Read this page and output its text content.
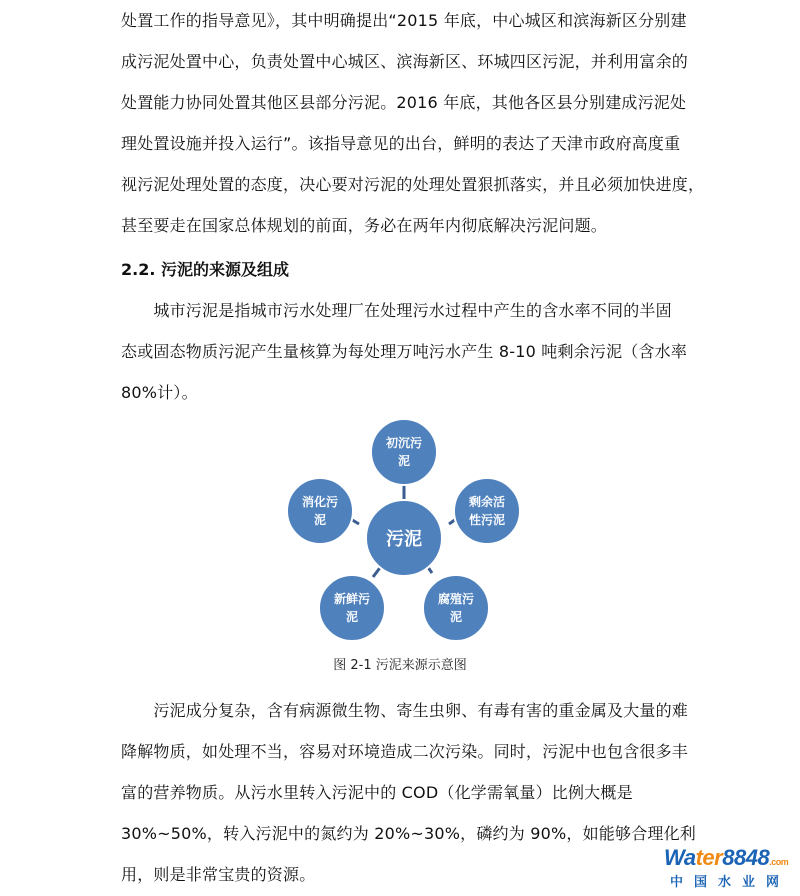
处置工作的指导意见》，其中明确提出“2015 年底，中心城区和滨海新区分别建
成污泥处置中心，负责处置中心城区、滨海新区、环城四区污泥，并利用富余的
处置能力协同处置其他区县部分污泥。2016 年底，其他各区县分别建成污泥处
理处置设施并投入运行”。该指导意见的出台，鲜明的表达了天津市政府高度重
视污泥处理处置的态度，决心要对污泥的处理处置狠抓落实，并且必须加快进度，
甚至要走在国家总体规划的前面，务必在两年内彻底解决污泥问题。
2.2. 污泥的来源及组成
　　城市污泥是指城市污水处理厂在处理污水过程中产生的含水率不同的半固
态或固态物质污泥产生量核算为每处理万吨污水产生 8-10 吨剩余污泥（含水率
80%计）。
初沉污
泥
剩余活
性污泥
腐殖污
泥
新鲜污
泥
消化污
泥
污泥
图 2-1 污泥来源示意图
　　污泥成分复杂，含有病源微生物、寄生虫卵、有毒有害的重金属及大量的难
降解物质，如处理不当，容易对环境造成二次污染。同时，污泥中也包含很多丰
富的营养物质。从污水里转入污泥中的 COD（化学需氧量）比例大概是
30%~50%，转入污泥中的氮约为 20%~30%，磷约为 90%，如能够合理化利
用，则是非常宝贵的资源。
Water8848.com
中国水业网
